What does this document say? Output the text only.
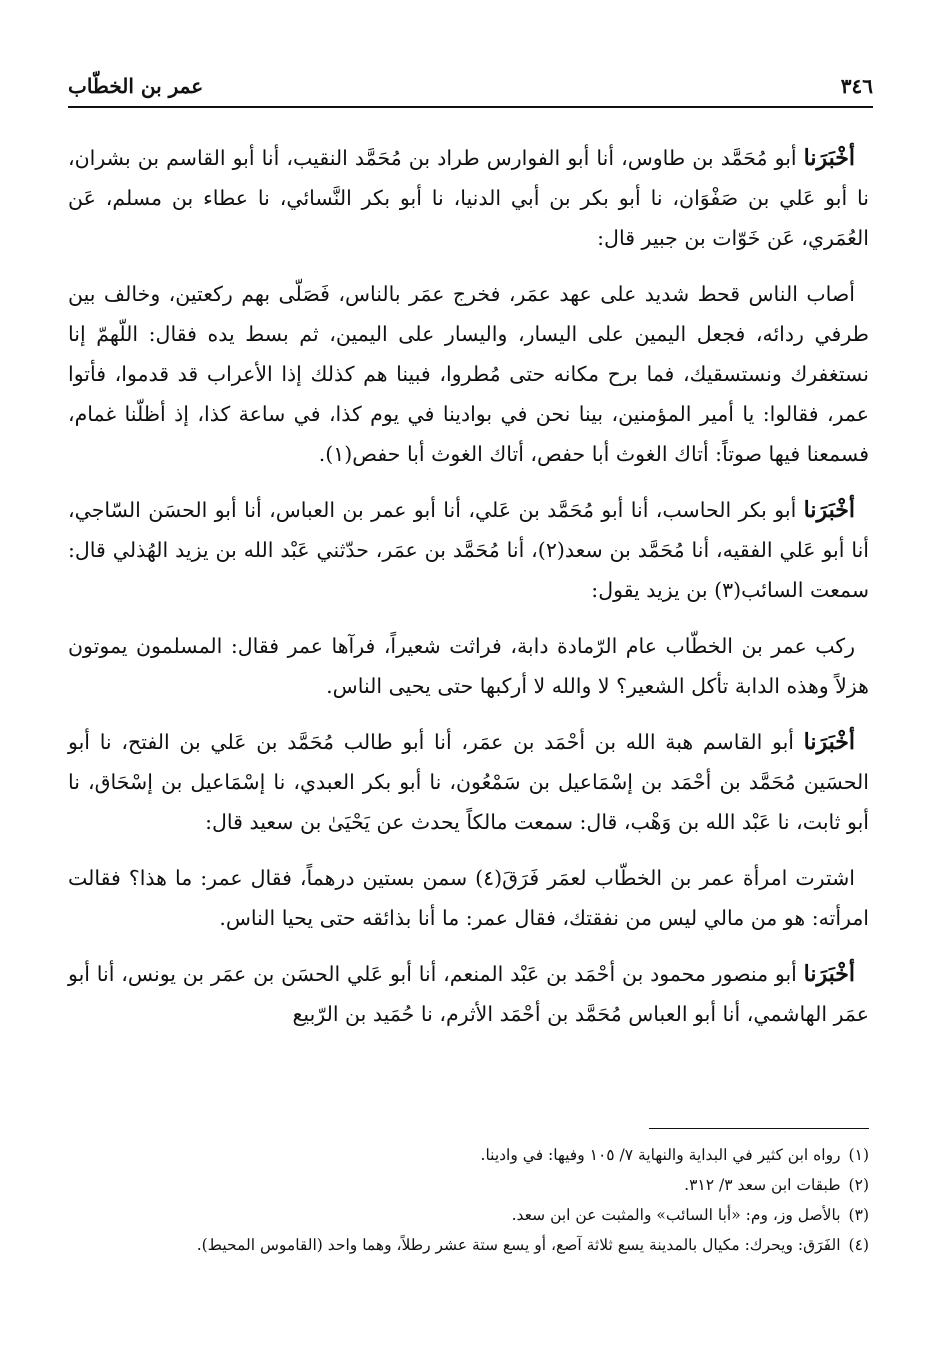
٣٤٦
عمر بن الخطّاب

أخْبَرَنا أبو مُحَمَّد بن طاوس، أنا أبو الفوارس طراد بن مُحَمَّد النقيب، أنا أبو القاسم بن بشران، نا أبو عَلي بن صَفْوَان، نا أبو بكر بن أبي الدنيا، نا أبو بكر النَّسائي، نا عطاء بن مسلم، عَن العُمَري، عَن خَوّات بن جبير قال:

أصاب الناس قحط شديد على عهد عمَر، فخرج عمَر بالناس، فَصَلّى بهم ركعتين، وخالف بين طرفي ردائه، فجعل اليمين على اليسار، واليسار على اليمين، ثم بسط يده فقال: اللّهمّ إنا نستغفرك ونستسقيك، فما برح مكانه حتى مُطروا، فبينا هم كذلك إذا الأعراب قد قدموا، فأتوا عمر، فقالوا: يا أمير المؤمنين، بينا نحن في بوادينا في يوم كذا، في ساعة كذا، إذ أظلّنا غمام، فسمعنا فيها صوتاً: أتاك الغوث أبا حفص، أتاك الغوث أبا حفص(١).

أخْبَرَنا أبو بكر الحاسب، أنا أبو مُحَمَّد بن عَلي، أنا أبو عمر بن العباس، أنا أبو الحسَن السّاجي، أنا أبو عَلي الفقيه، أنا مُحَمَّد بن سعد(٢)، أنا مُحَمَّد بن عمَر، حدّثني عَبْد الله بن يزيد الهُذلي قال: سمعت السائب(٣) بن يزيد يقول:

ركب عمر بن الخطّاب عام الرّمادة دابة، فراثت شعيراً، فرآها عمر فقال: المسلمون يموتون هزلاً وهذه الدابة تأكل الشعير؟ لا والله لا أركبها حتى يحيى الناس.

أخْبَرَنا أبو القاسم هبة الله بن أحْمَد بن عمَر، أنا أبو طالب مُحَمَّد بن عَلي بن الفتح، نا أبو الحسَين مُحَمَّد بن أحْمَد بن إسْمَاعيل بن سَمْعُون، نا أبو بكر العبدي، نا إسْمَاعيل بن إسْحَاق، نا أبو ثابت، نا عَبْد الله بن وَهْب، قال: سمعت مالكاً يحدث عن يَحْيَىٰ بن سعيد قال:

اشترت امرأة عمر بن الخطّاب لعمَر فَرَقَ(٤) سمن بستين درهماً، فقال عمر: ما هذا؟ فقالت امرأته: هو من مالي ليس من نفقتك، فقال عمر: ما أنا بذائقه حتى يحيا الناس.

أخْبَرَنا أبو منصور محمود بن أحْمَد بن عَبْد المنعم، أنا أبو عَلي الحسَن بن عمَر بن يونس، أنا أبو عمَر الهاشمي، أنا أبو العباس مُحَمَّد بن أحْمَد الأثرم، نا حُمَيد بن الرّبيع

(١)رواه ابن كثير في البداية والنهاية ٧/ ١٠٥ وفيها: في وادينا.
(٢)طبقات ابن سعد ٣/ ٣١٢.
(٣)بالأصل وز، وم: «أبا السائب» والمثبت عن ابن سعد.
(٤)الفَرَق: ويحرك: مكيال بالمدينة يسع ثلاثة آصع، أو يسع ستة عشر رطلاً، وهما واحد (القاموس المحيط).
